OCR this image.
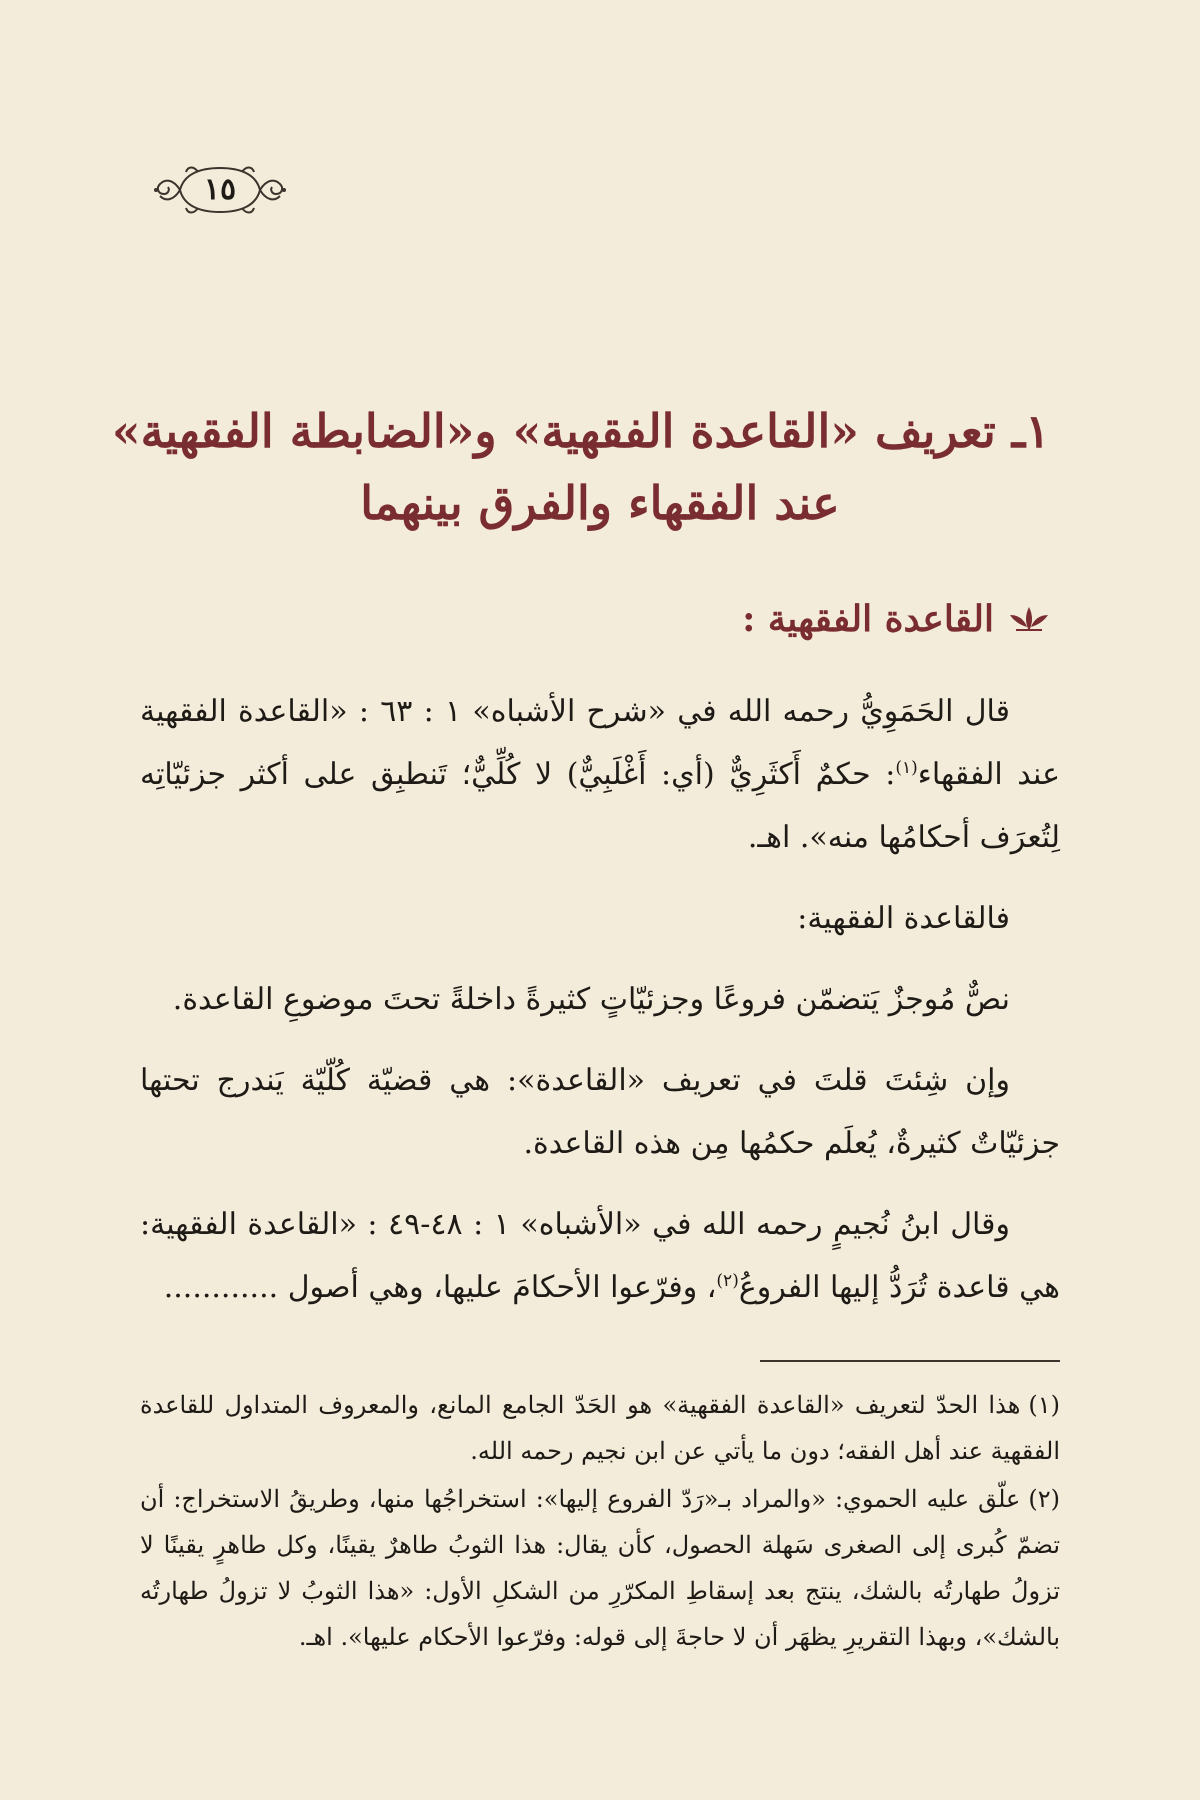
١٥
١ـ تعريف «القاعدة الفقهية» و«الضابطة الفقهية»
عند الفقهاء والفرق بينهما
القاعدة الفقهية :

قال الحَمَوِيُّ رحمه الله في «شرح الأشباه» ١ : ٦٣ : «القاعدة الفقهية عند الفقهاء$^{(١)}$: حكمٌ أَكثَرِيٌّ (أي: أَغْلَبِيٌّ) لا كُلِّيٌّ؛ تَنطبِق على أكثر جزئيّاتِه لِتُعرَف أحكامُها منه». اهـ.

فالقاعدة الفقهية:

نصٌّ مُوجزٌ يَتضمّن فروعًا وجزئيّاتٍ كثيرةً داخلةً تحتَ موضوعِ القاعدة.

وإن شِئتَ قلتَ في تعريف «القاعدة»: هي قضيّة كُلّيّة يَندرج تحتها جزئيّاتٌ كثيرةٌ، يُعلَم حكمُها مِن هذه القاعدة.

وقال ابنُ نُجيمٍ رحمه الله في «الأشباه» ١ : ٤٨-٤٩ : «القاعدة الفقهية: هي قاعدة تُرَدُّ إليها الفروعُ$^{(٢)}$، وفرّعوا الأحكامَ عليها، وهي أصول ............

(١)هذا الحدّ لتعريف «القاعدة الفقهية» هو الحَدّ الجامع المانع، والمعروف المتداول للقاعدة الفقهية عند أهل الفقه؛ دون ما يأتي عن ابن نجيم رحمه الله.

(٢)علّق عليه الحموي: «والمراد بـ«رَدّ الفروع إليها»: استخراجُها منها، وطريقُ الاستخراج: أن تضمّ كُبرى إلى الصغرى سَهلة الحصول، كأن يقال: هذا الثوبُ طاهرٌ يقينًا، وكل طاهرٍ يقينًا لا تزولُ طهارتُه بالشك، ينتج بعد إسقاطِ المكرّرِ من الشكلِ الأول: «هذا الثوبُ لا تزولُ طهارتُه بالشك»، وبهذا التقريرِ يظهَر أن لا حاجةَ إلى قوله: وفرّعوا الأحكام عليها». اهـ.
